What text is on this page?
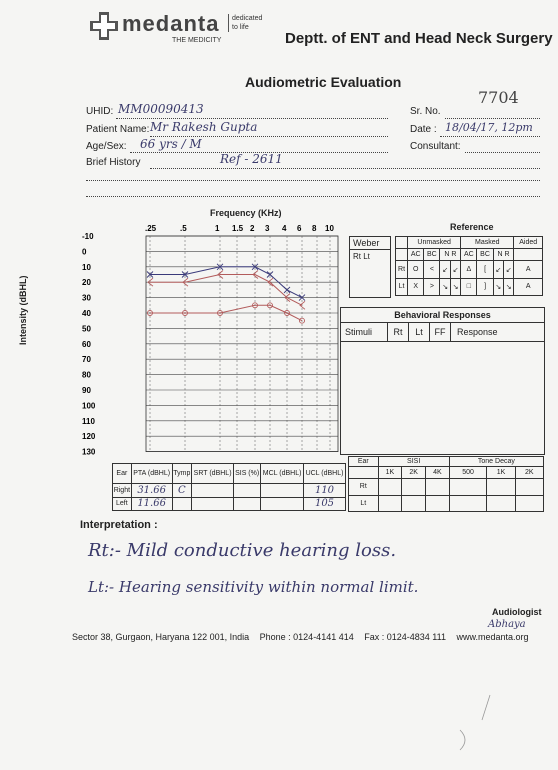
medanta
THE MEDICITY
dedicated to life
Deptt. of ENT and Head Neck Surgery
Audiometric Evaluation
Sr. No.
7704
UHID: MM00090413
Patient Name: Mr Rakesh Gupta	Date : 18/04/17, 12pm
Age/Sex: 66 yrs / M	Consultant:
Brief History	Ref - 2611
Frequency (KHz)
Intensity (dBHL)
-10
0
10
20
30
40
50
60
70
80
90
100
110
120
130
.25	.5	1 1.5 2 3 4 6 8 10
Weber
Rt Lt
Reference
	Unmasked				Masked				Aided
	AC	BC	N R		AC	BC	N R		
Rt	O	<	↙	↙	Δ	[	↙	↙	A
Lt	X	>	↘	↘	□	]	↘	↘	A
Behavioral Responses
Stimuli	Rt	Lt	FF	Response
Ear	PTA (dBHL)	Tymp	SRT (dBHL)	SIS (%)	MCL (dBHL)	UCL (dBHL)
Right	31.66	C				110
Left	11.66					105
Ear	SISI			Tone Decay		
	1K	2K	4K	500	1K	2K
Rt						
Lt						
Interpretation :
Rt:- Mild conductive hearing loss.
Lt:- Hearing sensitivity within normal limit.
Audiologist
Abhaya
Sector 38, Gurgaon, Haryana 122 001, India Phone : 0124-4141 414 Fax : 0124-4834 111 www.medanta.org
